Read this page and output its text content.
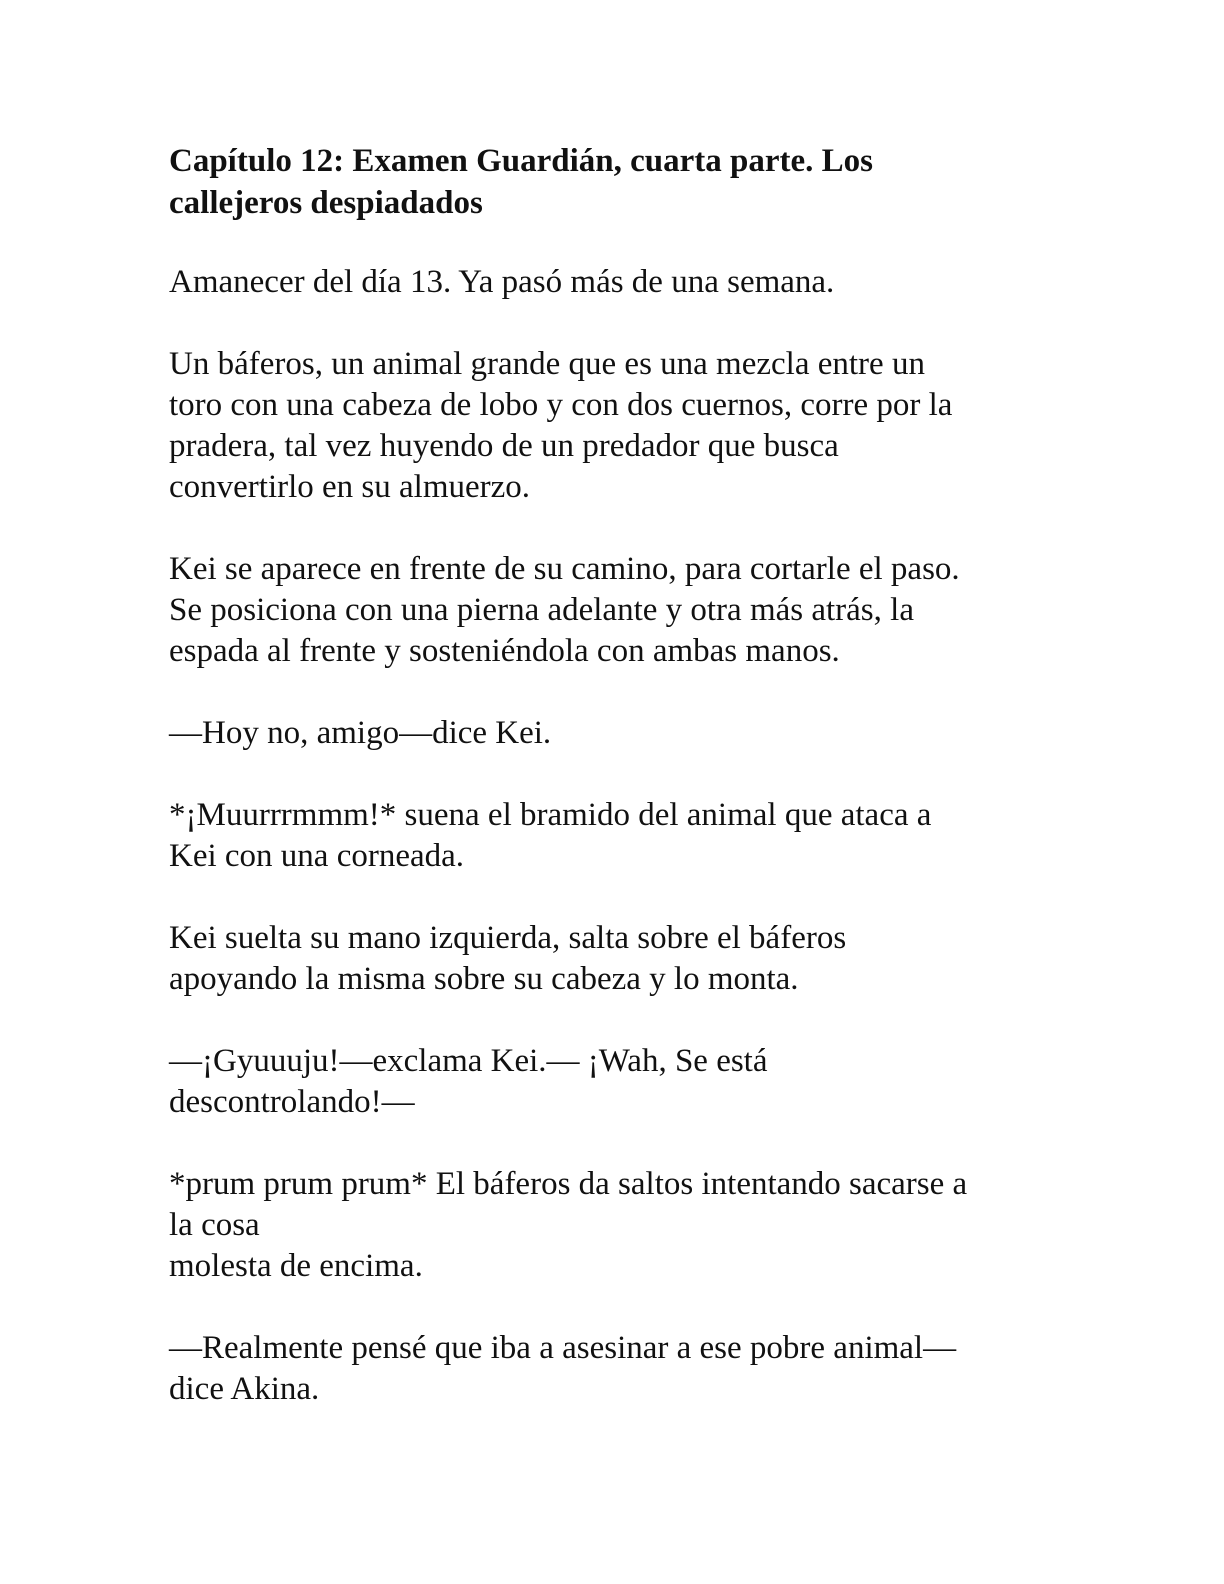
Capítulo 12: Examen Guardián, cuarta parte. Los
callejeros despiadados

Amanecer del día 13. Ya pasó más de una semana.

Un báferos, un animal grande que es una mezcla entre un
toro con una cabeza de lobo y con dos cuernos, corre por la
pradera, tal vez huyendo de un predador que busca
convertirlo en su almuerzo.

Kei se aparece en frente de su camino, para cortarle el paso.
Se posiciona con una pierna adelante y otra más atrás, la
espada al frente y sosteniéndola con ambas manos.

—Hoy no, amigo—dice Kei.

*¡Muurrrmmm!* suena el bramido del animal que ataca a
Kei con una corneada.

Kei suelta su mano izquierda, salta sobre el báferos
apoyando la misma sobre su cabeza y lo monta.

—¡Gyuuuju!—exclama Kei.— ¡Wah, Se está
descontrolando!—

*prum prum prum* El báferos da saltos intentando sacarse a
la cosa
molesta de encima.

—Realmente pensé que iba a asesinar a ese pobre animal—
dice Akina.
